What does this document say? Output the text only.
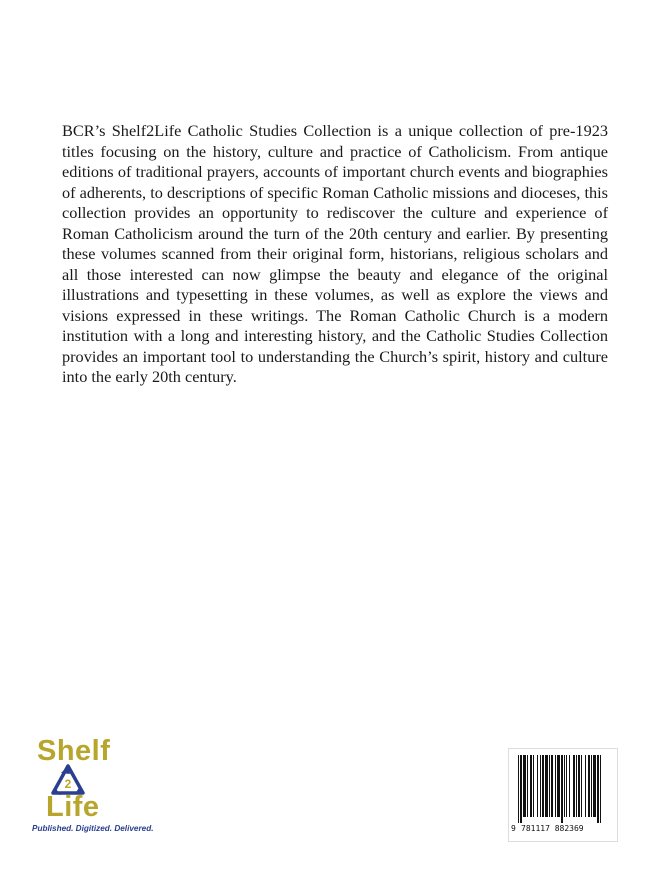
BCR’s Shelf2Life Catholic Studies Collection is a unique collection of pre-1923 titles focusing on the history, culture and practice of Catholicism. From antique editions of traditional prayers, accounts of important church events and biographies of adherents, to descriptions of specific Roman Catholic missions and dioceses, this collection provides an opportunity to rediscover the culture and experience of Roman Catholicism around the turn of the 20th century and earlier. By presenting these volumes scanned from their original form, historians, religious scholars and all those interested can now glimpse the beauty and elegance of the original illustrations and typesetting in these volumes, as well as explore the views and visions expressed in these writings. The Roman Catholic Church is a modern institution with a long and interesting history, and the Catholic Studies Collection provides an important tool to understanding the Church’s spirit, history and culture into the early 20th century.

Shelf
2
Life
Published. Digitized. Delivered.	9 781117 882369
